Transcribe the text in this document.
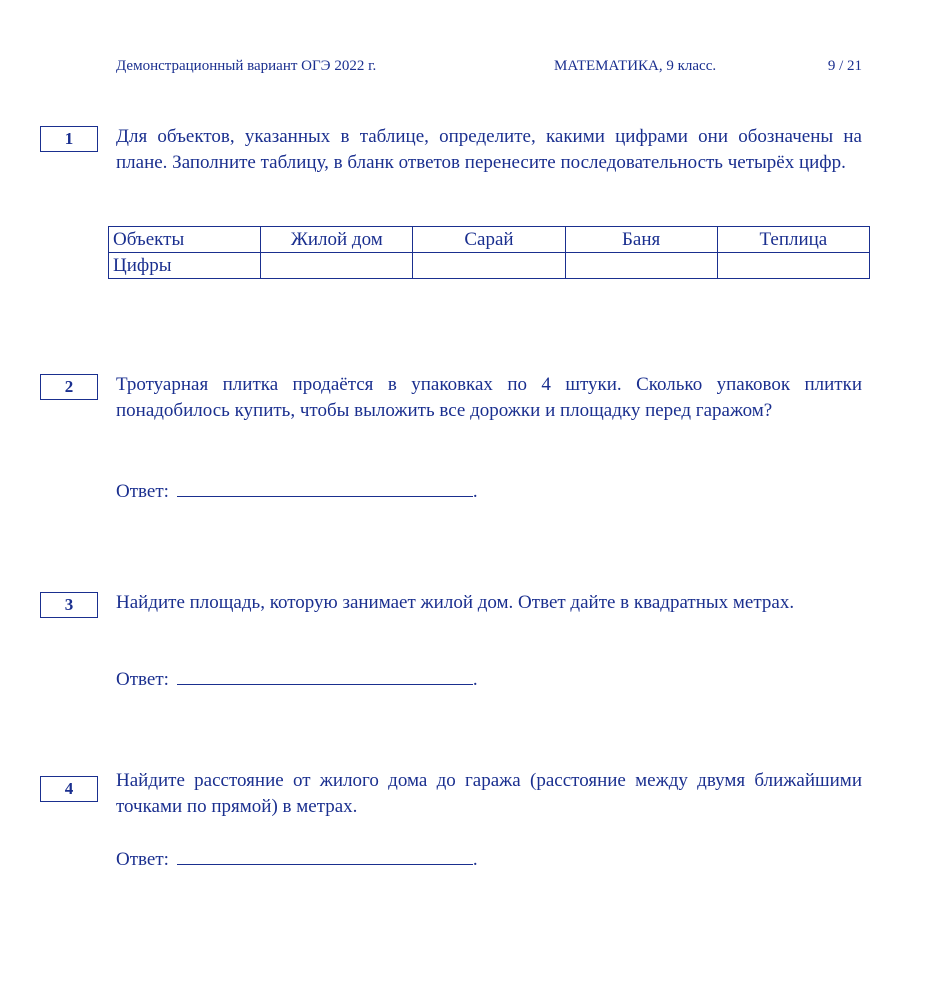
Демонстрационный вариант ОГЭ 2022 г.	МАТЕМАТИКА, 9 класс.	9 / 21
1	Для объектов, указанных в таблице, определите, какими цифрами они обозначены на плане. Заполните таблицу, в бланк ответов перенесите последовательность четырёх цифр.
Объекты	Жилой дом	Сарай	Баня	Теплица
Цифры				
2	Тротуарная плитка продаётся в упаковках по 4 штуки. Сколько упаковок плитки понадобилось купить, чтобы выложить все дорожки и площадку перед гаражом?
Ответ:	.
3	Найдите площадь, которую занимает жилой дом. Ответ дайте в квадратных метрах.
Ответ:	.
4	Найдите расстояние от жилого дома до гаража (расстояние между двумя ближайшими точками по прямой) в метрах.
Ответ:	.
